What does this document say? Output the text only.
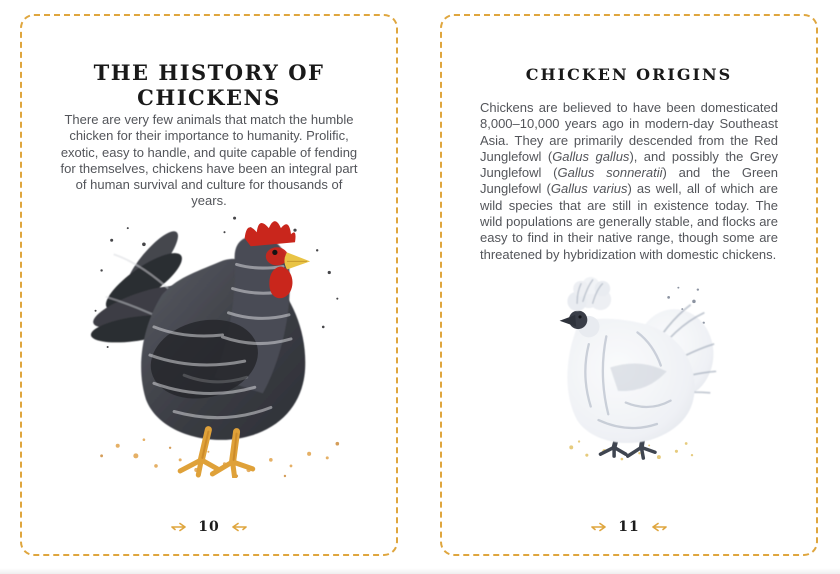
THE HISTORY OF CHICKENS

There are very few animals that match the humble chicken for their importance to humanity. Prolific, exotic, easy to handle, and quite capable of fending for themselves, chickens have been an integral part of human survival and culture for thousands of years.

10
CHICKEN ORIGINS

Chickens are believed to have been domesticated 8,000–10,000 years ago in modern-day Southeast Asia. They are primarily descended from the Red Junglefowl (Gallus gallus), and possibly the Grey Junglefowl (Gallus sonneratii) and the Green Junglefowl (Gallus varius) as well, all of which are wild species that are still in existence today. The wild populations are generally stable, and flocks are easy to find in their native range, though some are threatened by hybridization with domestic chickens.

11
